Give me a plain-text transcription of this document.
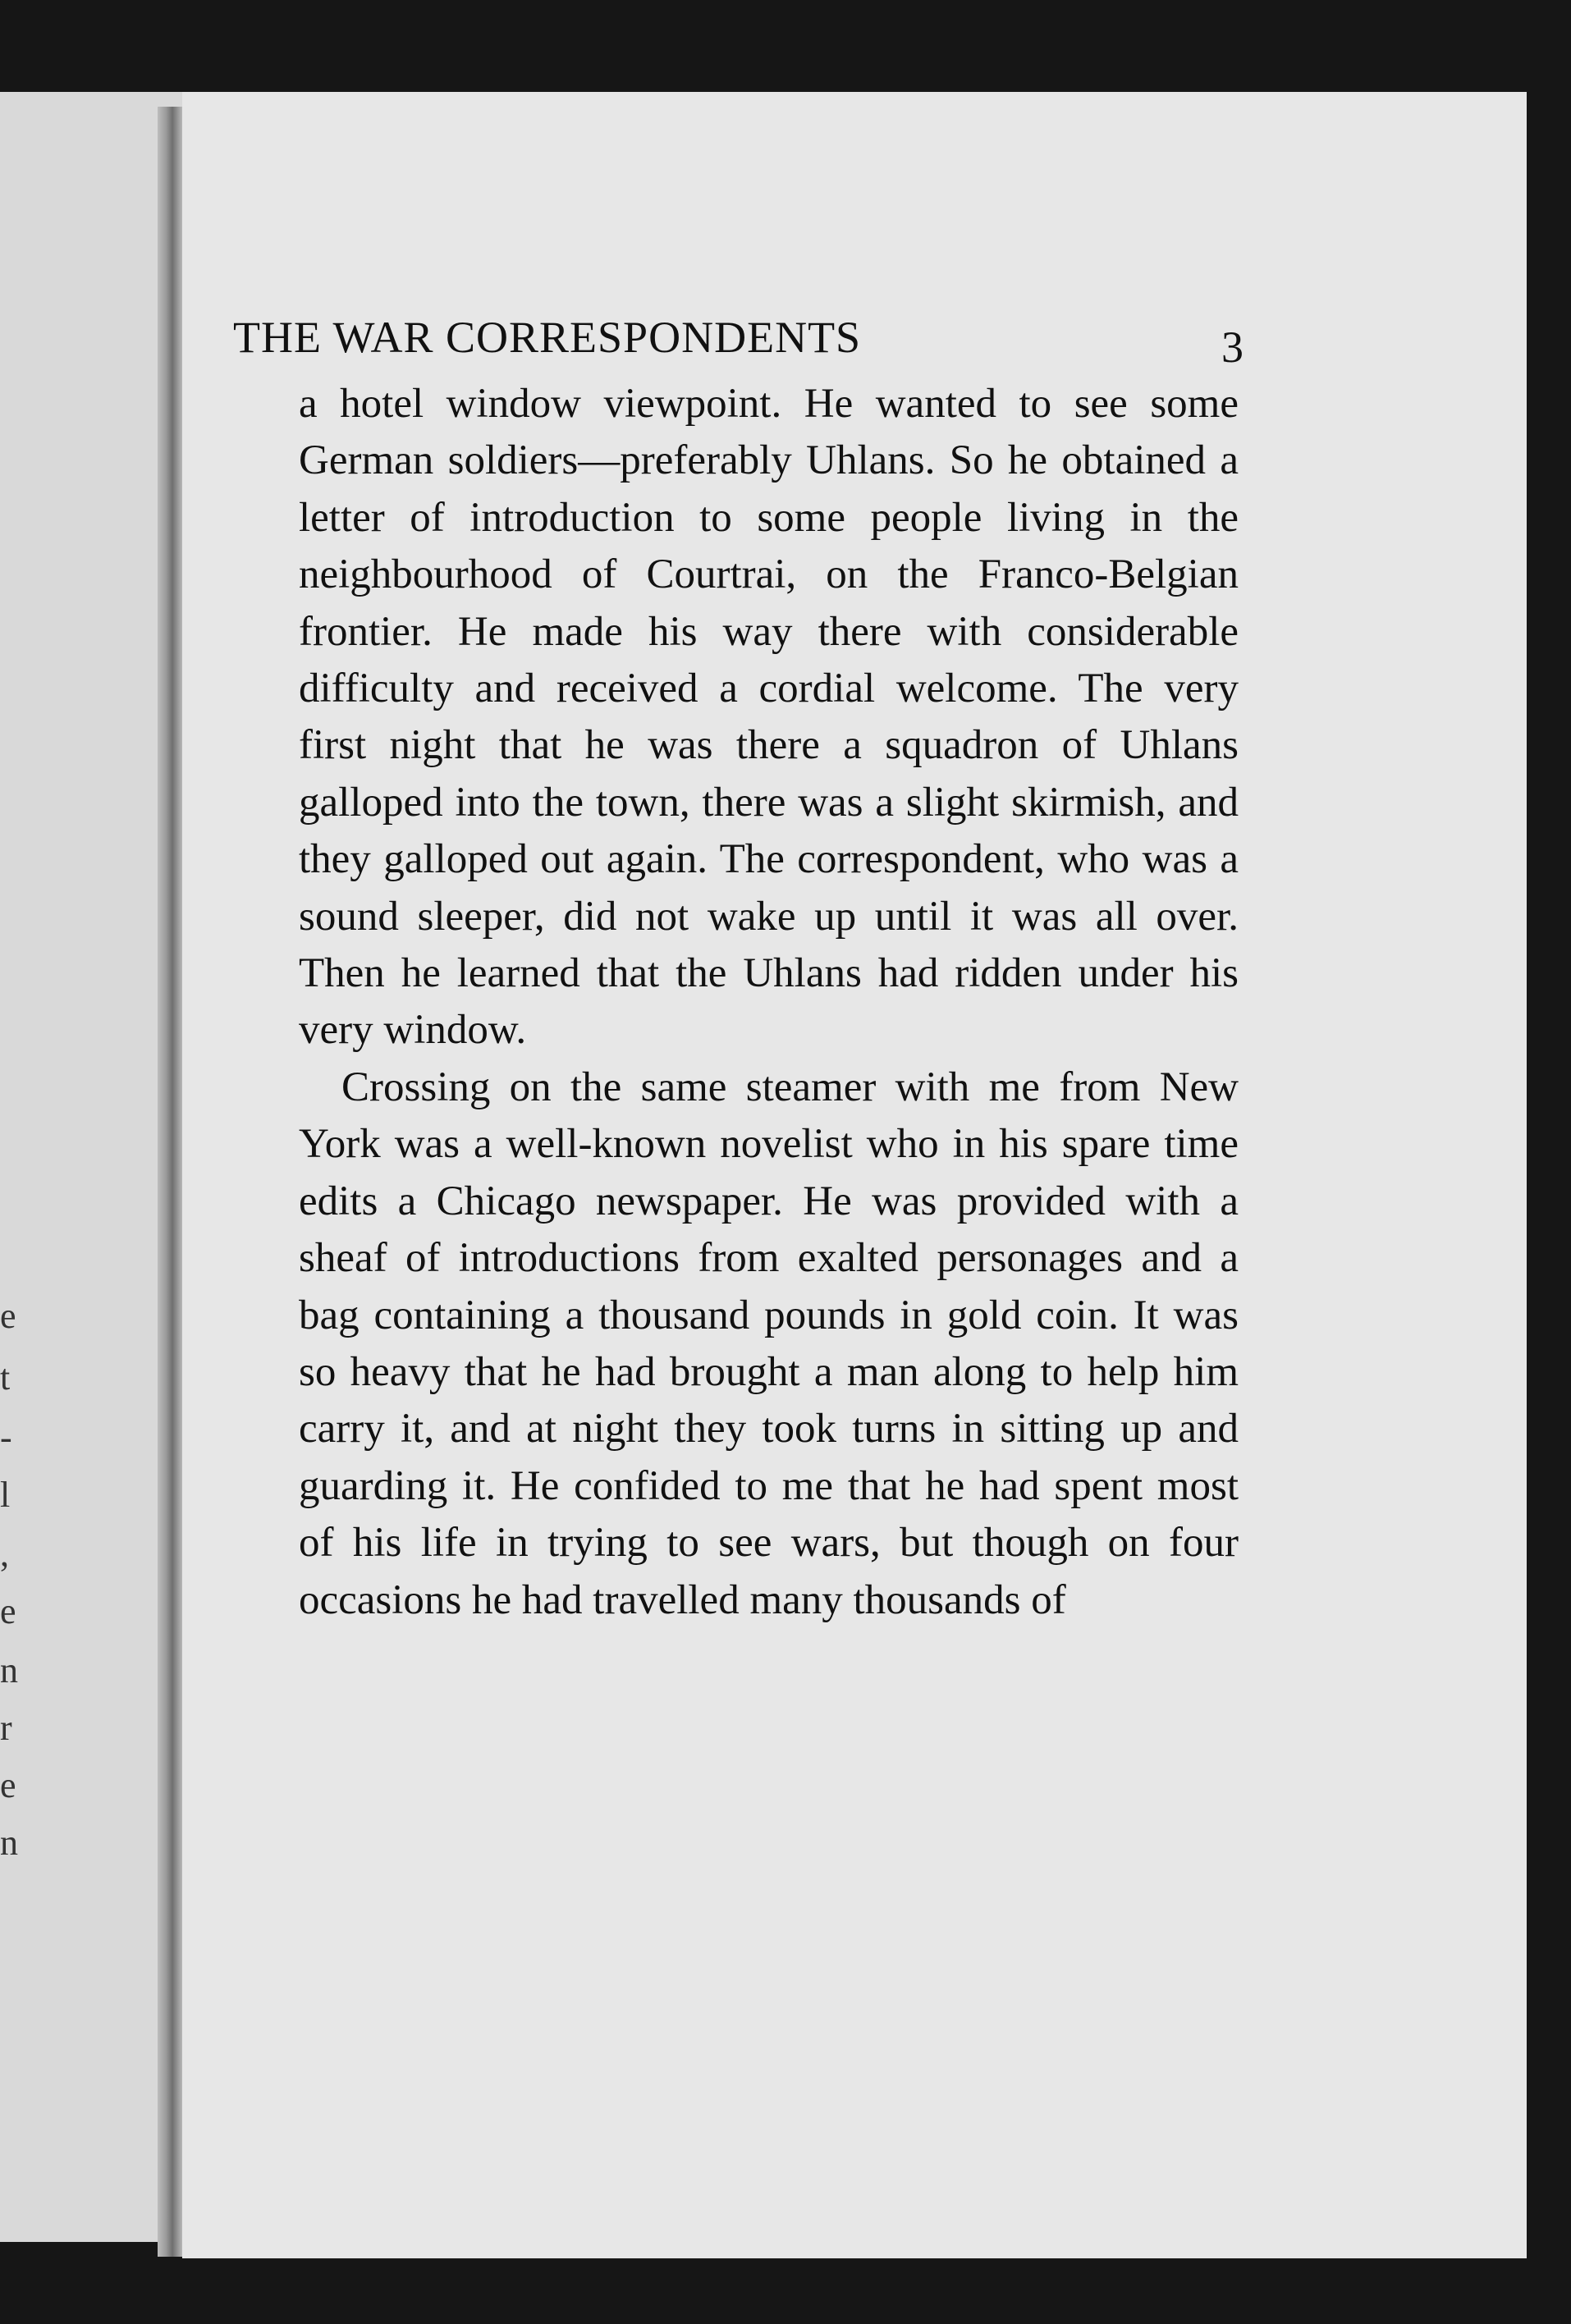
e
t
-
l
,
e
n
r
e
n
THE WAR CORRESPONDENTS	3

a hotel window viewpoint. He wanted to see some German soldiers—preferably Uhlans. So he obtained a letter of introduction to some people living in the neighbourhood of Courtrai, on the Franco-Belgian frontier. He made his way there with considerable difficulty and received a cordial welcome. The very first night that he was there a squadron of Uhlans galloped into the town, there was a slight skirmish, and they galloped out again. The correspondent, who was a sound sleeper, did not wake up until it was all over. Then he learned that the Uhlans had ridden under his very window.

Crossing on the same steamer with me from New York was a well-known novelist who in his spare time edits a Chicago newspaper. He was provided with a sheaf of introductions from exalted personages and a bag containing a thousand pounds in gold coin. It was so heavy that he had brought a man along to help him carry it, and at night they took turns in sitting up and guarding it. He confided to me that he had spent most of his life in trying to see wars, but though on four occasions he had travelled many thousands of
